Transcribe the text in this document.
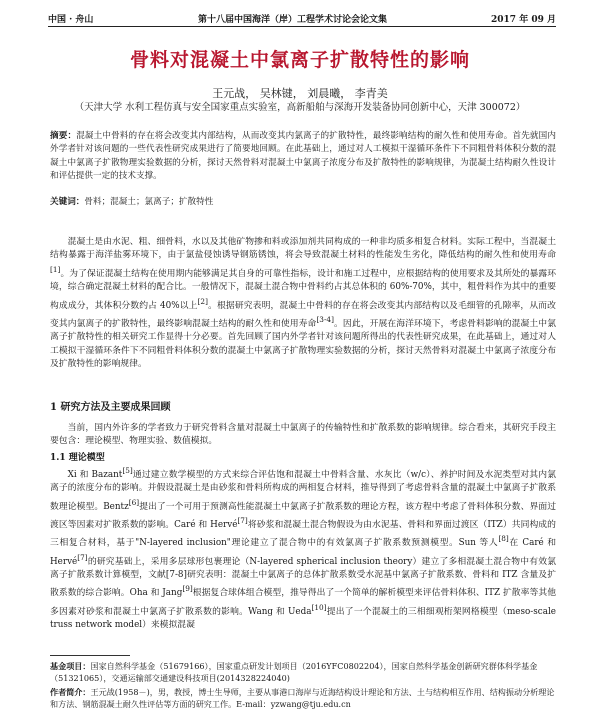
中国 · 舟山	第十八届中国海洋（岸）工程学术讨论会论文集	2017 年 09 月
骨料对混凝土中氯离子扩散特性的影响
王元战， 吴林键， 刘晨曦， 李青美
（天津大学 水利工程仿真与安全国家重点实验室，高新船舶与深海开发装备协同创新中心，天津 300072）
摘要：混凝土中骨料的存在将会改变其内部结构，从而改变其内氯离子的扩散特性，最终影响结构的耐久性和使用寿命。首先就国内外学者针对该问题的一些代表性研究成果进行了简要地回顾。在此基础上，通过对人工模拟干湿循环条件下不同粗骨料体积分数的混凝土中氯离子扩散物理实验数据的分析，探讨天然骨料对混凝土中氯离子浓度分布及扩散特性的影响规律，为混凝土结构耐久性设计和评估提供一定的技术支撑。
关键词：骨料；混凝土；氯离子；扩散特性
混凝土是由水泥、粗、细骨料，水以及其他矿物掺和料或添加剂共同构成的一种非均质多相复合材料。实际工程中，当混凝土结构暴露于海洋盐雾环境下，由于氯盐侵蚀诱导钢筋锈蚀，将会导致混凝土材料的性能发生劣化，降低结构的耐久性和使用寿命[1]。为了保证混凝土结构在使用期内能够满足其自身的可靠性指标，设计和施工过程中，应根据结构的使用要求及其所处的暴露环境，综合确定混凝土材料的配合比。一般情况下，混凝土混合物中骨料约占其总体积的 60%-70%，其中，粗骨料作为其中的重要构成成分，其体积分数约占 40%以上[2]。根据研究表明，混凝土中骨料的存在将会改变其内部结构以及毛细管的孔隙率，从而改变其内氯离子的扩散特性，最终影响混凝土结构的耐久性和使用寿命[3-4]。因此，开展在海洋环境下，考虑骨料影响的混凝土中氯离子扩散特性的相关研究工作显得十分必要。首先回顾了国内外学者针对该问题所得出的代表性研究成果，在此基础上，通过对人工模拟干湿循环条件下不同粗骨料体积分数的混凝土中氯离子扩散物理实验数据的分析，探讨天然骨料对混凝土中氯离子浓度分布及扩散特性的影响规律。
1 研究方法及主要成果回顾
当前，国内外许多的学者致力于研究骨料含量对混凝土中氯离子的传输特性和扩散系数的影响规律。综合看来，其研究手段主要包含：理论模型、物理实验、数值模拟。
1.1 理论模型
Xi 和 Bazant[5]通过建立数学模型的方式来综合评估饱和混凝土中骨料含量、水灰比（w/c）、养护时间及水泥类型对其内氯离子的浓度分布的影响。并假设混凝土是由砂浆和骨料所构成的两相复合材料，推导得到了考虑骨料含量的混凝土中氯离子扩散系数理论模型。Bentz[6]提出了一个可用于预测高性能混凝土中氯离子扩散系数的理论方程，该方程中考虑了骨料体积分数、界面过渡区等因素对扩散系数的影响。Caré 和 Hervé[7]将砂浆和混凝土混合物假设为由水泥基、骨料和界面过渡区（ITZ）共同构成的三相复合材料，基于"N-layered inclusion"理论建立了混合物中的有效氯离子扩散系数预测模型。Sun 等人[8]在 Caré 和 Hervé[7]的研究基础上，采用多层球形包裹理论（N-layered spherical inclusion theory）建立了多相混凝土混合物中有效氯离子扩散系数计算模型，文献[7-8]研究表明：混凝土中氯离子的总体扩散系数受水泥基中氯离子扩散系数、骨料和 ITZ 含量及扩散系数的综合影响。Oha 和 Jang[9]根据复合球体组合模型，推导得出了一个简单的解析模型来评估骨料体积、ITZ 扩散率等其他多因素对砂浆和混凝土中氯离子扩散系数的影响。Wang 和 Ueda[10]提出了一个混凝土的三相细观桁架网格模型（meso-scale truss network model）来模拟混凝
基金项目：国家自然科学基金（51679166），国家重点研发计划项目（2016YFC0802204），国家自然科学基金创新研究群体科学基金（51321065），交通运输部交通建设科技项目(2014328224040)
作者简介：王元战(1958－)，男，教授，博士生导师，主要从事港口海岸与近海结构设计理论和方法、土与结构相互作用、结构振动分析理论和方法、钢筋混凝土耐久性评估等方面的研究工作。E-mail：yzwang@tju.edu.cn
